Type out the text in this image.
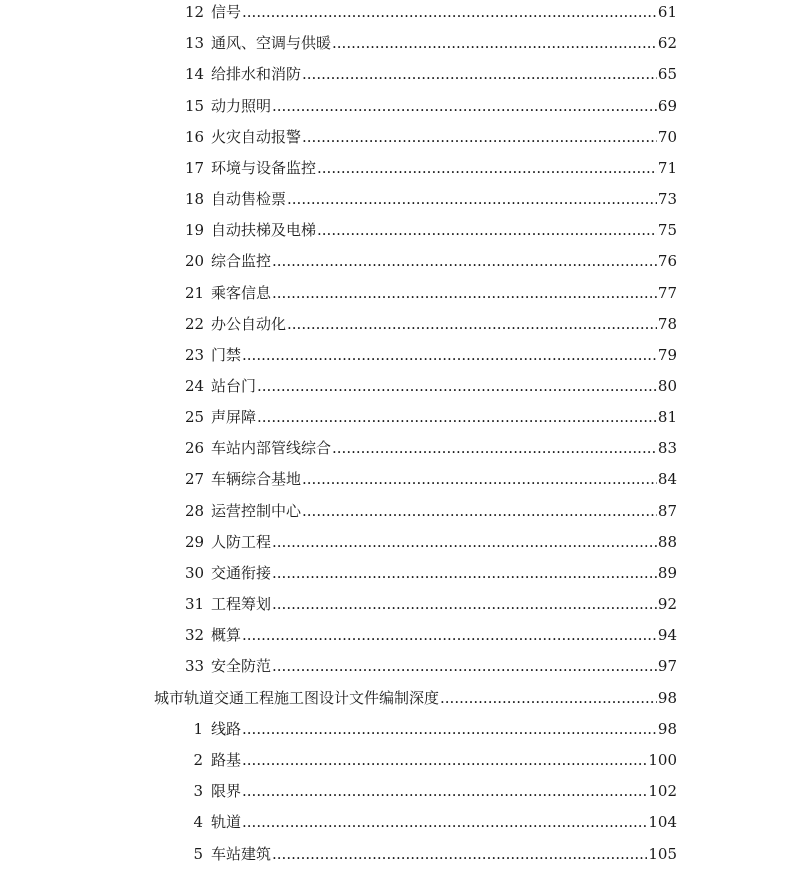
12 信号 .....	61
13 通风、空调与供暖 .....	62
14 给排水和消防 .....	65
15 动力照明 .....	69
16 火灾自动报警 .....	70
17 环境与设备监控 .....	71
18 自动售检票 .....	73
19 自动扶梯及电梯 .....	75
20 综合监控 .....	76
21 乘客信息 .....	77
22 办公自动化 .....	78
23 门禁 .....	79
24 站台门 .....	80
25 声屏障 .....	81
26 车站内部管线综合 .....	83
27 车辆综合基地 .....	84
28 运营控制中心 .....	87
29 人防工程 .....	88
30 交通衔接 .....	89
31 工程筹划 .....	92
32 概算 .....	94
33 安全防范 .....	97
城市轨道交通工程施工图设计文件编制深度 .....	98
1 线路 .....	98
2 路基 .....	100
3 限界 .....	102
4 轨道 .....	104
5 车站建筑 .....	105
